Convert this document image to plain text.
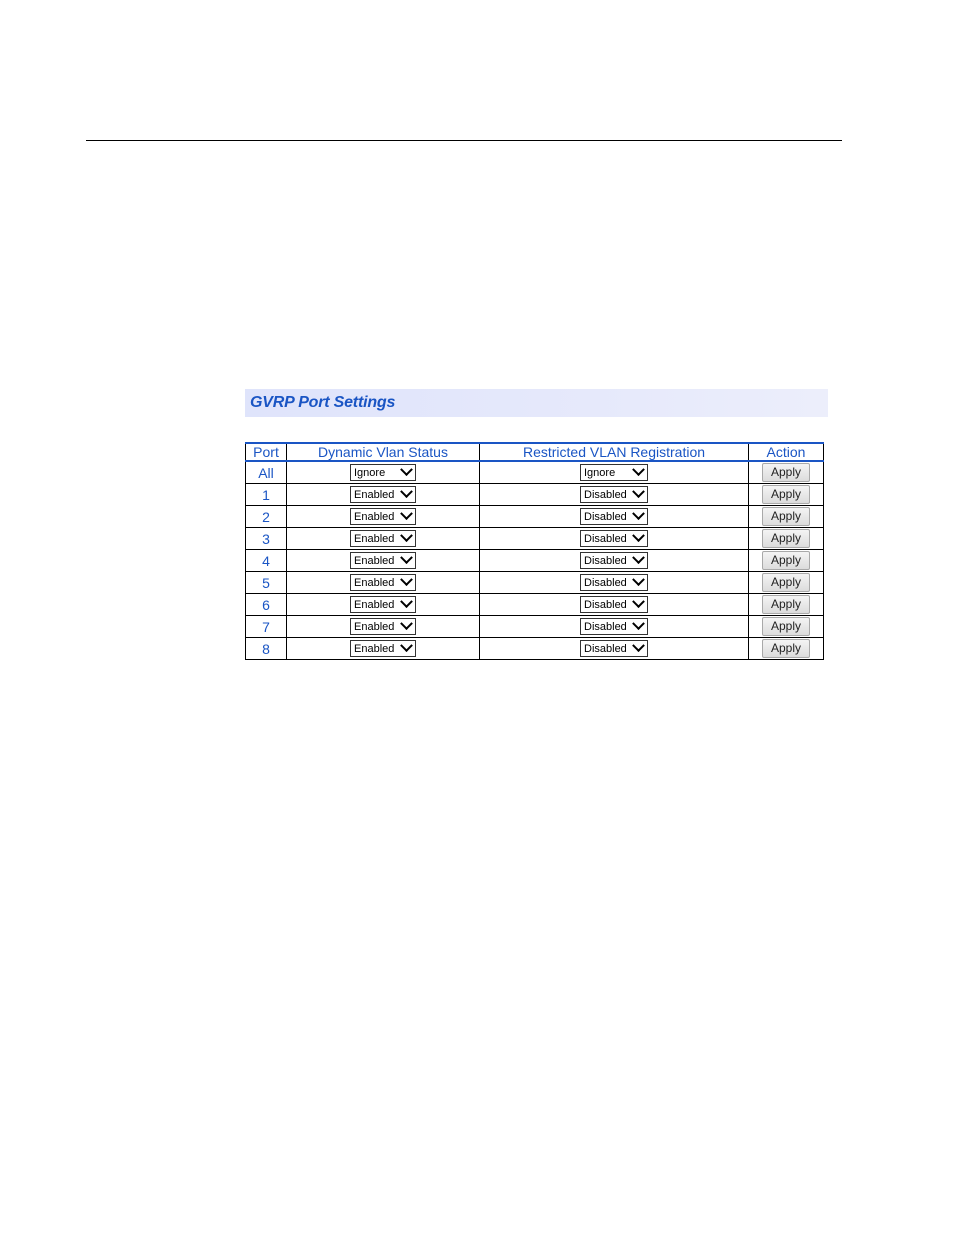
GVRP Port Settings
Port	Dynamic Vlan Status	Restricted VLAN Registration	Action
All	Ignore	Ignore	Apply
1	Enabled	Disabled	Apply
2	Enabled	Disabled	Apply
3	Enabled	Disabled	Apply
4	Enabled	Disabled	Apply
5	Enabled	Disabled	Apply
6	Enabled	Disabled	Apply
7	Enabled	Disabled	Apply
8	Enabled	Disabled	Apply
